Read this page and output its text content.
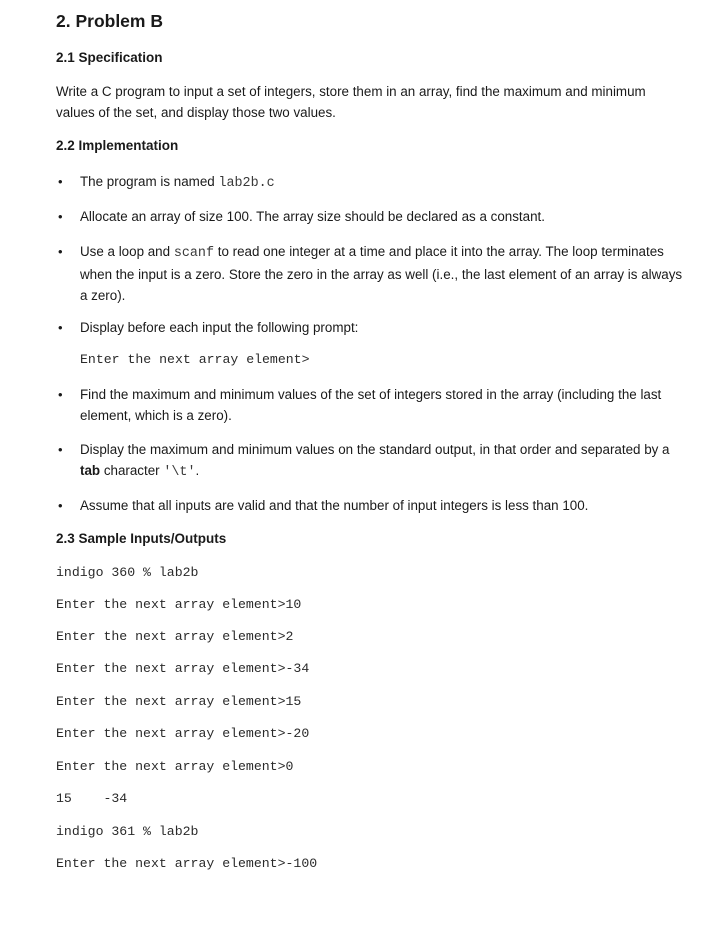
2. Problem B
2.1 Specification
Write a C program to input a set of integers, store them in an array, find the maximum and minimum values of the set, and display those two values.
2.2 Implementation
• The program is named lab2b.c
• Allocate an array of size 100. The array size should be declared as a constant.
• Use a loop and scanf to read one integer at a time and place it into the array. The loop terminates when the input is a zero. Store the zero in the array as well (i.e., the last element of an array is always a zero).
• Display before each input the following prompt:
Enter the next array element>
• Find the maximum and minimum values of the set of integers stored in the array (including the last element, which is a zero).
• Display the maximum and minimum values on the standard output, in that order and separated by a tab character '\t'.
• Assume that all inputs are valid and that the number of input integers is less than 100.
2.3 Sample Inputs/Outputs
indigo 360 % lab2b
Enter the next array element>10
Enter the next array element>2
Enter the next array element>-34
Enter the next array element>15
Enter the next array element>-20
Enter the next array element>0
15    -34
indigo 361 % lab2b
Enter the next array element>-100
